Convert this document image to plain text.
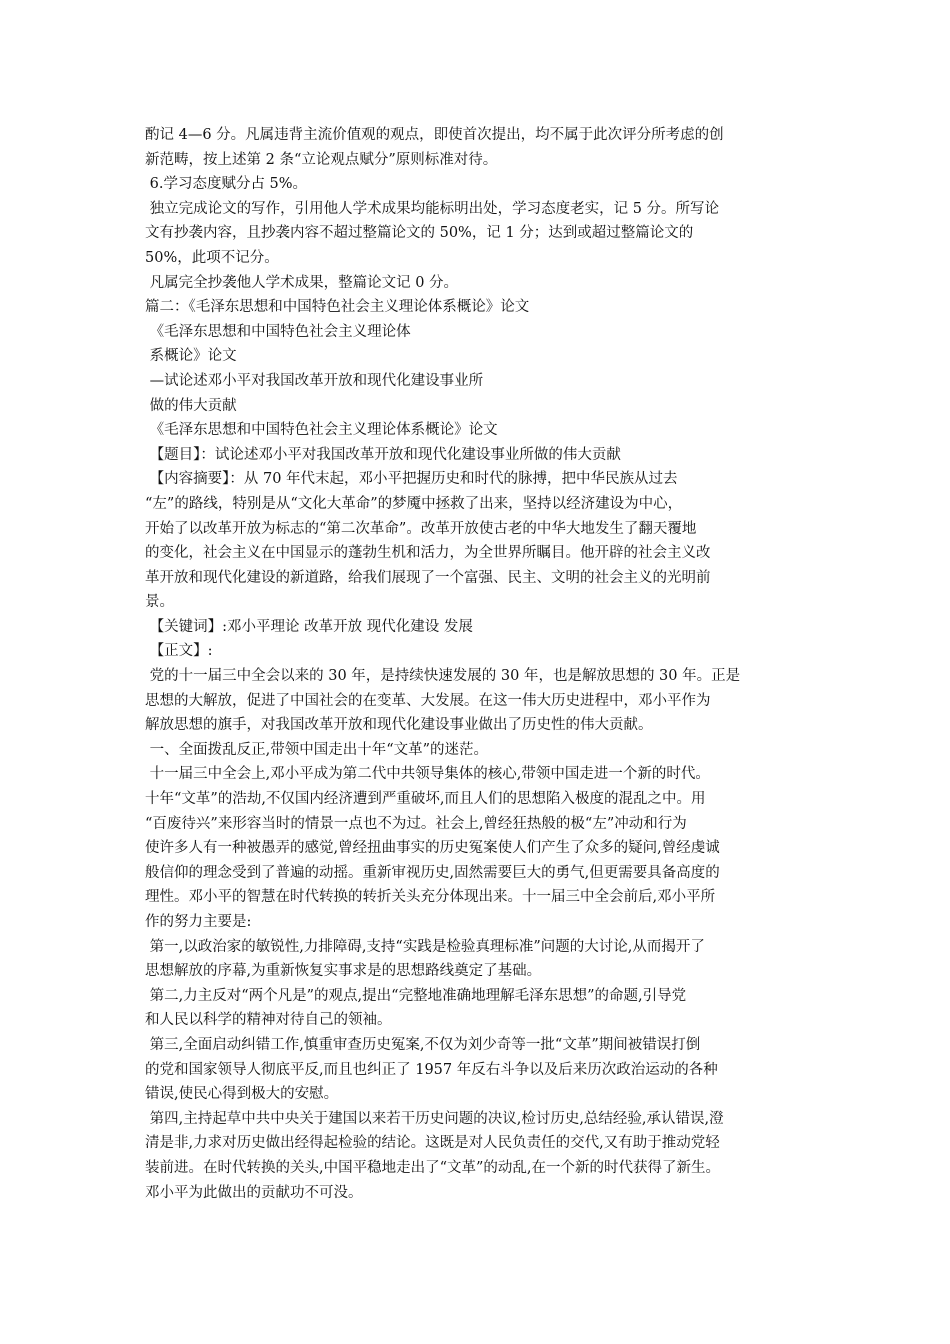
酌记 4—6 分。凡属违背主流价值观的观点，即使首次提出，均不属于此次评分所考虑的创
新范畴，按上述第 2 条“立论观点赋分”原则标准对待。
6.学习态度赋分占 5%。
独立完成论文的写作，引用他人学术成果均能标明出处，学习态度老实，记 5 分。所写论
文有抄袭内容，且抄袭内容不超过整篇论文的 50%，记 1 分；达到或超过整篇论文的
50%，此项不记分。
凡属完全抄袭他人学术成果，整篇论文记 0 分。
篇二：《毛泽东思想和中国特色社会主义理论体系概论》论文
《毛泽东思想和中国特色社会主义理论体
系概论》论文
—试论述邓小平对我国改革开放和现代化建设事业所
做的伟大贡献
《毛泽东思想和中国特色社会主义理论体系概论》论文
【题目】：试论述邓小平对我国改革开放和现代化建设事业所做的伟大贡献
【内容摘要】：从 70 年代末起，邓小平把握历史和时代的脉搏，把中华民族从过去
“左”的路线，特别是从“文化大革命”的梦魇中拯救了出来，坚持以经济建设为中心，
开始了以改革开放为标志的“第二次革命”。改革开放使古老的中华大地发生了翻天覆地
的变化，社会主义在中国显示的蓬勃生机和活力，为全世界所瞩目。他开辟的社会主义改
革开放和现代化建设的新道路，给我们展现了一个富强、民主、文明的社会主义的光明前
景。
【关键词】:邓小平理论 改革开放 现代化建设 发展
【正文】:
党的十一届三中全会以来的 30 年，是持续快速发展的 30 年，也是解放思想的 30 年。正是
思想的大解放，促进了中国社会的在变革、大发展。在这一伟大历史进程中，邓小平作为
解放思想的旗手，对我国改革开放和现代化建设事业做出了历史性的伟大贡献。
一、全面拨乱反正,带领中国走出十年“文革”的迷茫。
十一届三中全会上,邓小平成为第二代中共领导集体的核心,带领中国走进一个新的时代。
十年“文革”的浩劫,不仅国内经济遭到严重破坏,而且人们的思想陷入极度的混乱之中。用
“百废待兴”来形容当时的情景一点也不为过。社会上,曾经狂热般的极“左”冲动和行为
使许多人有一种被愚弄的感觉,曾经扭曲事实的历史冤案使人们产生了众多的疑问,曾经虔诚
般信仰的理念受到了普遍的动摇。重新审视历史,固然需要巨大的勇气,但更需要具备高度的
理性。邓小平的智慧在时代转换的转折关头充分体现出来。十一届三中全会前后,邓小平所
作的努力主要是:
第一,以政治家的敏锐性,力排障碍,支持“实践是检验真理标准”问题的大讨论,从而揭开了
思想解放的序幕,为重新恢复实事求是的思想路线奠定了基础。
第二,力主反对“两个凡是”的观点,提出“完整地准确地理解毛泽东思想”的命题,引导党
和人民以科学的精神对待自己的领袖。
第三,全面启动纠错工作,慎重审查历史冤案,不仅为刘少奇等一批“文革”期间被错误打倒
的党和国家领导人彻底平反,而且也纠正了 1957 年反右斗争以及后来历次政治运动的各种
错误,使民心得到极大的安慰。
第四,主持起草中共中央关于建国以来若干历史问题的决议,检讨历史,总结经验,承认错误,澄
清是非,力求对历史做出经得起检验的结论。这既是对人民负责任的交代,又有助于推动党轻
装前进。在时代转换的关头,中国平稳地走出了“文革”的动乱,在一个新的时代获得了新生。
邓小平为此做出的贡献功不可没。
